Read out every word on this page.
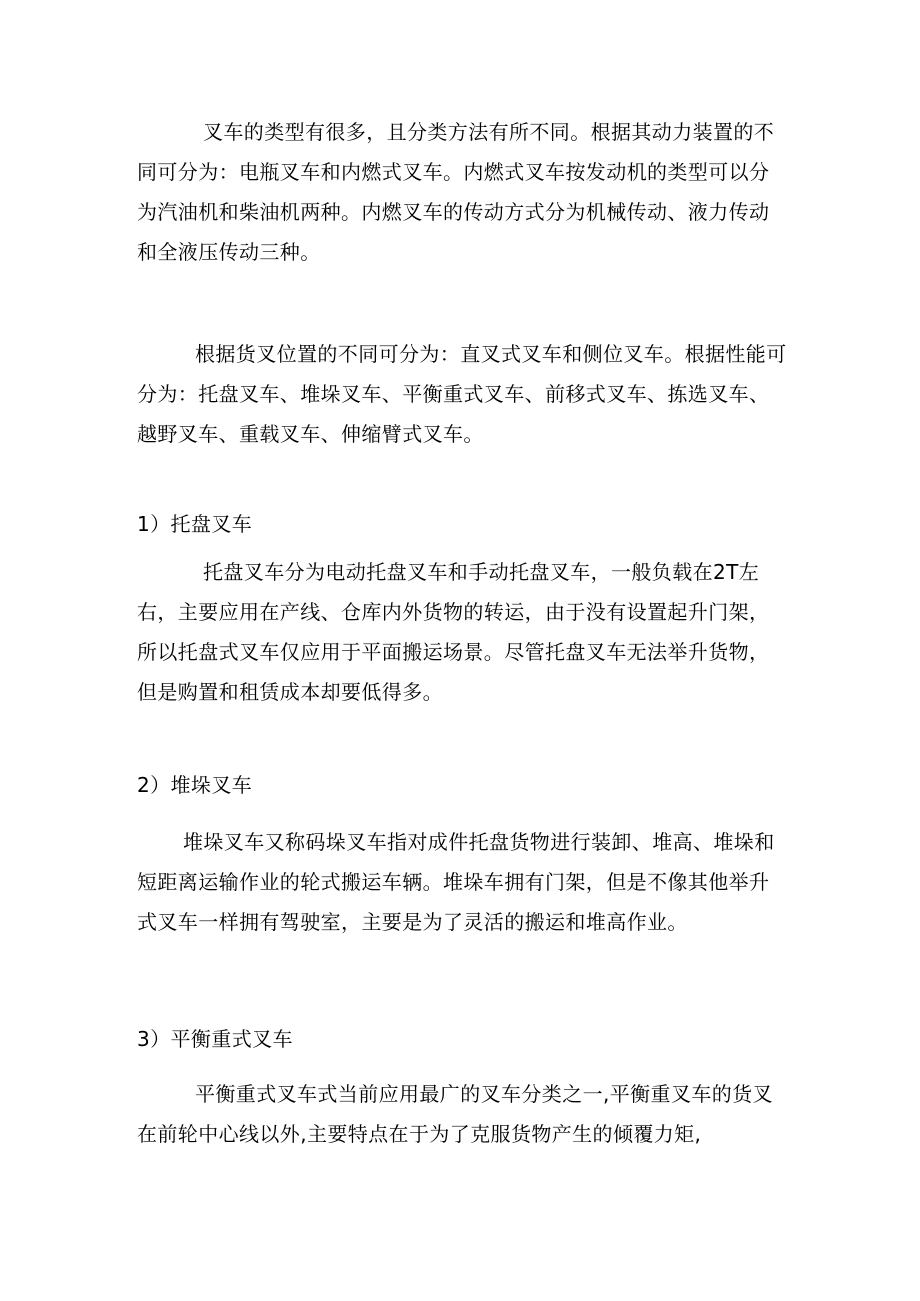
叉车的类型有很多，且分类方法有所不同。根据其动力装置的不同可分为：电瓶叉车和内燃式叉车。内燃式叉车按发动机的类型可以分为汽油机和柴油机两种。内燃叉车的传动方式分为机械传动、液力传动和全液压传动三种。

根据货叉位置的不同可分为：直叉式叉车和侧位叉车。根据性能可分为：托盘叉车、堆垛叉车、平衡重式叉车、前移式叉车、拣选叉车、越野叉车、重载叉车、伸缩臂式叉车。

1）托盘叉车

托盘叉车分为电动托盘叉车和手动托盘叉车，一般负载在2T左右，主要应用在产线、仓库内外货物的转运，由于没有设置起升门架，所以托盘式叉车仅应用于平面搬运场景。尽管托盘叉车无法举升货物，但是购置和租赁成本却要低得多。

2）堆垛叉车

堆垛叉车又称码垛叉车指对成件托盘货物进行装卸、堆高、堆垛和短距离运输作业的轮式搬运车辆。堆垛车拥有门架，但是不像其他举升式叉车一样拥有驾驶室，主要是为了灵活的搬运和堆高作业。

3）平衡重式叉车

平衡重式叉车式当前应用最广的叉车分类之一,平衡重叉车的货叉在前轮中心线以外,主要特点在于为了克服货物产生的倾覆力矩,
